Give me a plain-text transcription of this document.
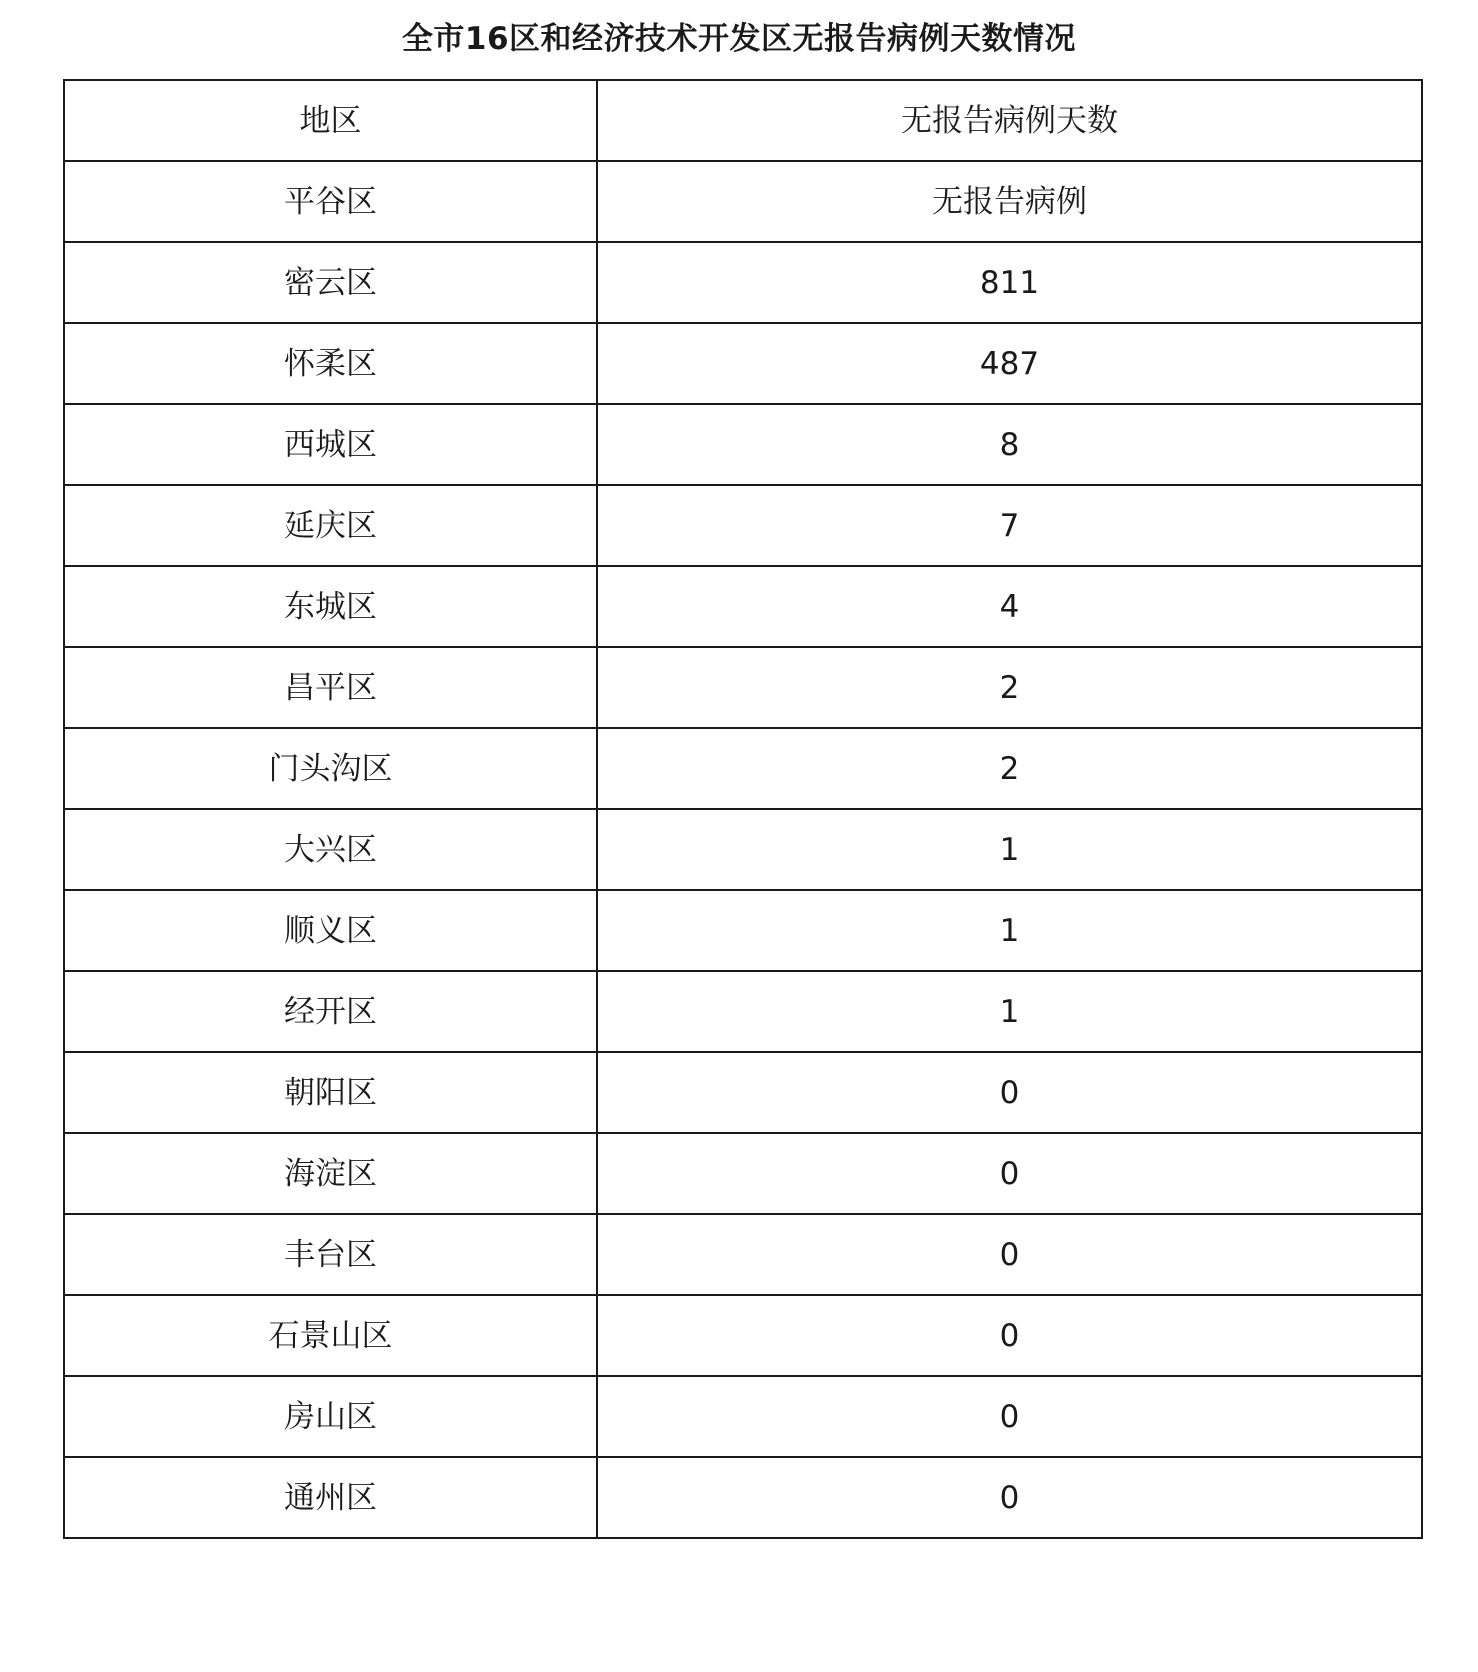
全市16区和经济技术开发区无报告病例天数情况
地区	无报告病例天数
平谷区	无报告病例
密云区	811
怀柔区	487
西城区	8
延庆区	7
东城区	4
昌平区	2
门头沟区	2
大兴区	1
顺义区	1
经开区	1
朝阳区	0
海淀区	0
丰台区	0
石景山区	0
房山区	0
通州区	0
